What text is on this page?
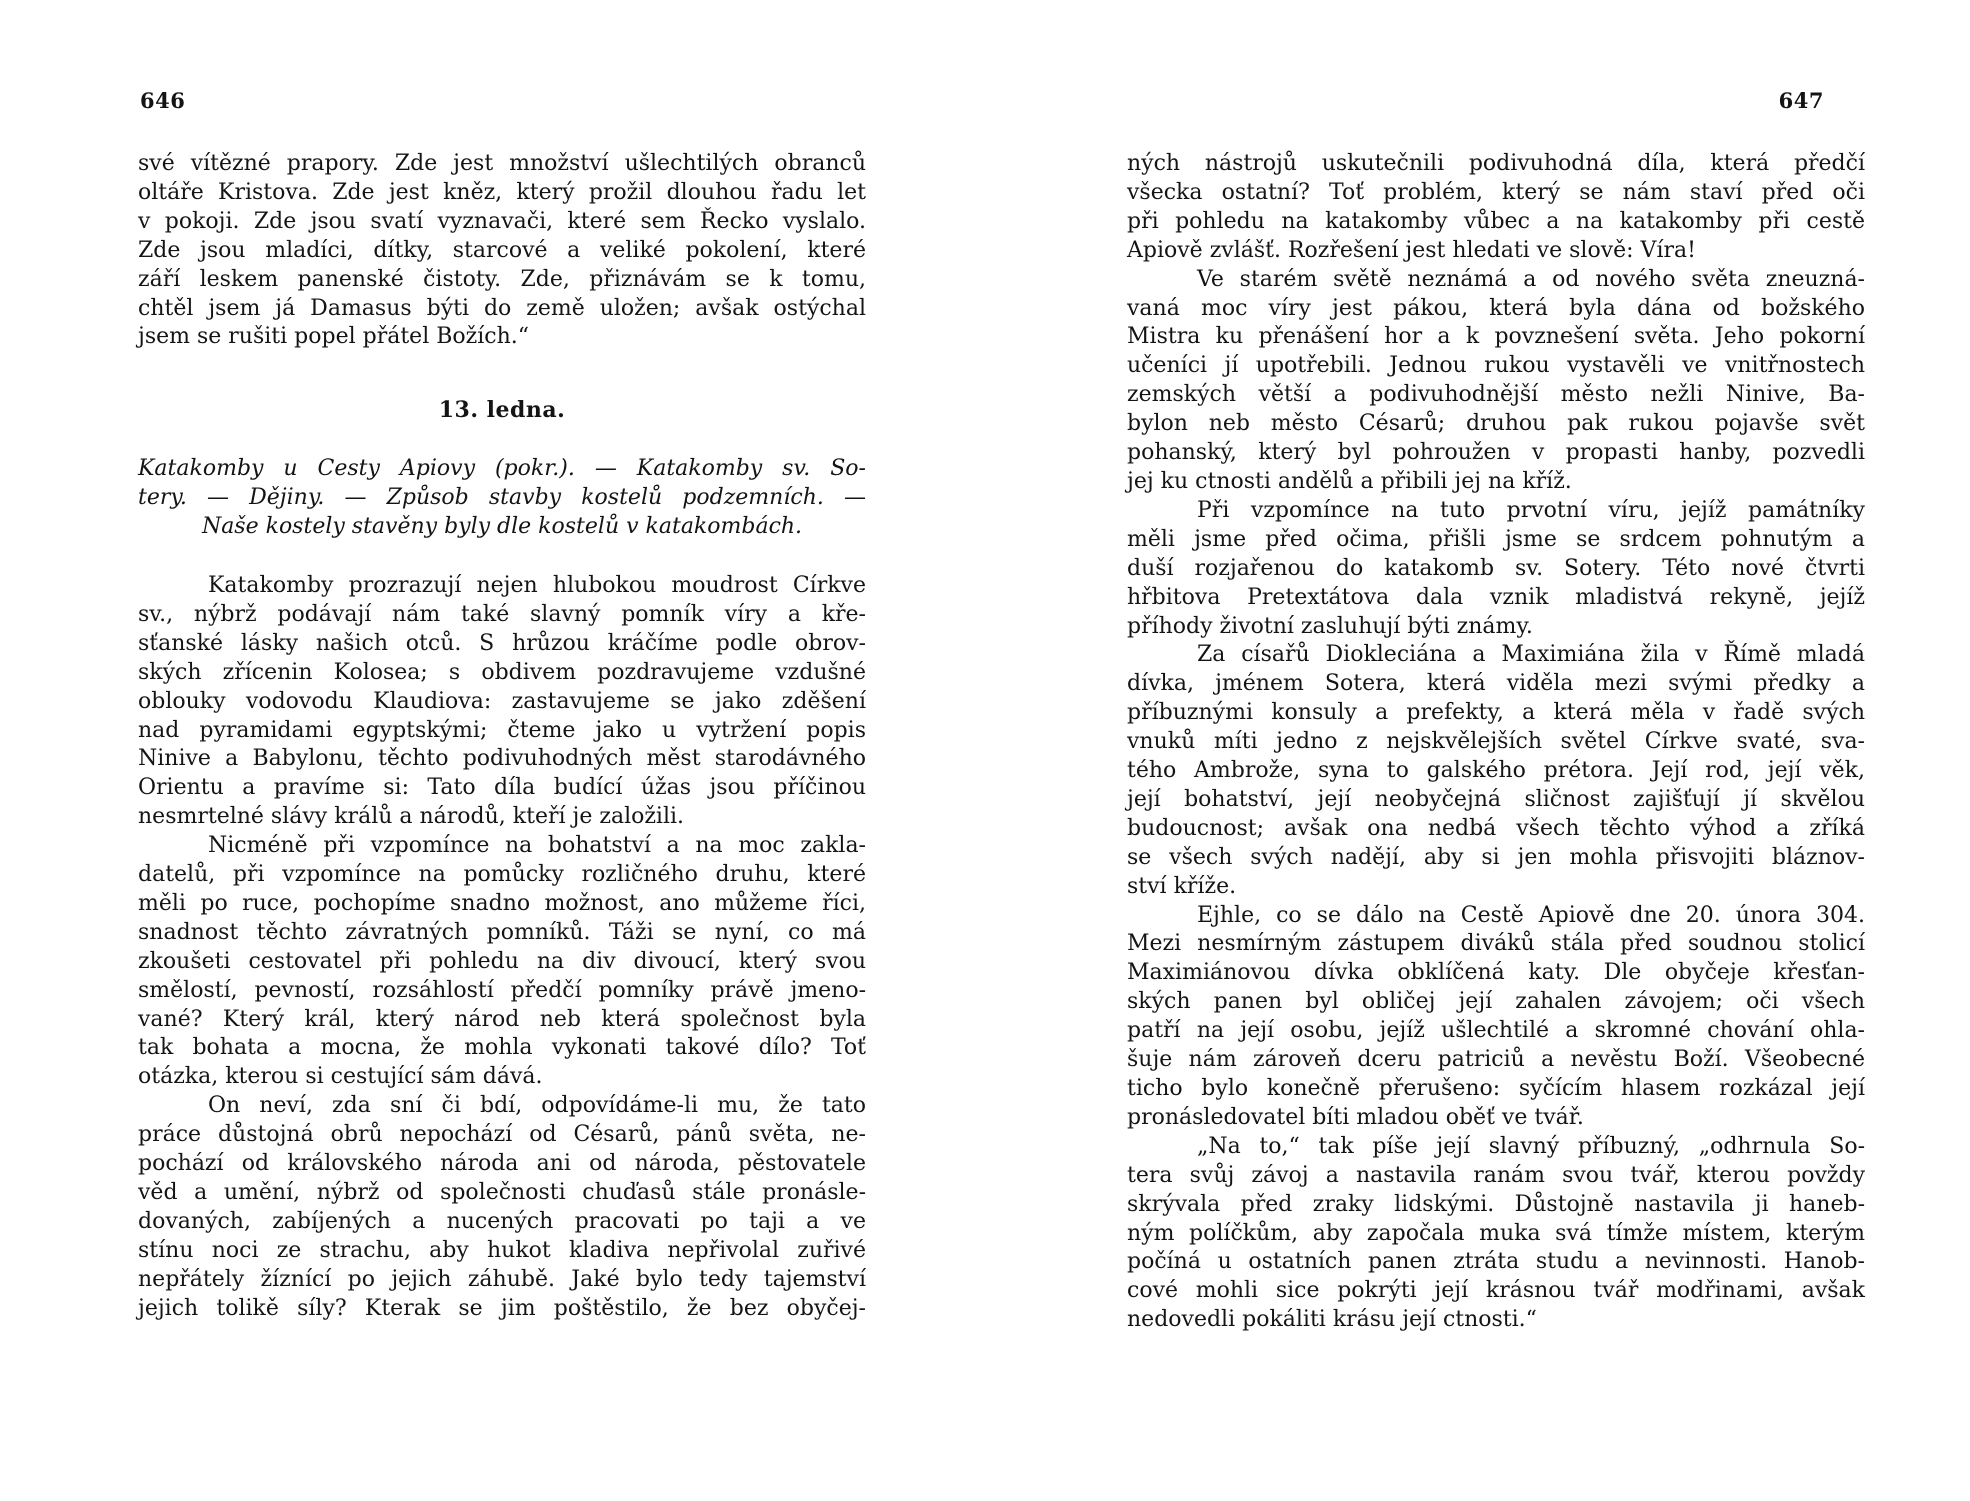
646
své vítězné prapory. Zde jest množství ušlechtilých obranců
oltáře Kristova. Zde jest kněz, který prožil dlouhou řadu let
v pokoji. Zde jsou svatí vyznavači, které sem Řecko vyslalo.
Zde jsou mladíci, dítky, starcové a veliké pokolení, které
září leskem panenské čistoty. Zde, přiznávám se k tomu,
chtěl jsem já Damasus býti do země uložen; avšak ostýchal
jsem se rušiti popel přátel Božích.“
13. ledna.
Katakomby u Cesty Apiovy (pokr.). — Katakomby sv. So-
tery. — Dějiny. — Způsob stavby kostelů podzemních. —
Naše kostely stavěny byly dle kostelů v katakombách.
Katakomby prozrazují nejen hlubokou moudrost Církve
sv., nýbrž podávají nám také slavný pomník víry a kře-
sťanské lásky našich otců. S hrůzou kráčíme podle obrov-
ských zřícenin Kolosea; s obdivem pozdravujeme vzdušné
oblouky vodovodu Klaudiova: zastavujeme se jako zděšení
nad pyramidami egyptskými; čteme jako u vytržení popis
Ninive a Babylonu, těchto podivuhodných měst starodávného
Orientu a pravíme si: Tato díla budící úžas jsou příčinou
nesmrtelné slávy králů a národů, kteří je založili.
Nicméně při vzpomínce na bohatství a na moc zakla-
datelů, při vzpomínce na pomůcky rozličného druhu, které
měli po ruce, pochopíme snadno možnost, ano můžeme říci,
snadnost těchto závratných pomníků. Táži se nyní, co má
zkoušeti cestovatel při pohledu na div divoucí, který svou
smělostí, pevností, rozsáhlostí předčí pomníky právě jmeno-
vané? Který král, který národ neb která společnost byla
tak bohata a mocna, že mohla vykonati takové dílo? Toť
otázka, kterou si cestující sám dává.
On neví, zda sní či bdí, odpovídáme-li mu, že tato
práce důstojná obrů nepochází od Césarů, pánů světa, ne-
pochází od královského národa ani od národa, pěstovatele
věd a umění, nýbrž od společnosti chuďasů stále pronásle-
dovaných, zabíjených a nucených pracovati po taji a ve
stínu noci ze strachu, aby hukot kladiva nepřivolal zuřivé
nepřátely žíznící po jejich záhubě. Jaké bylo tedy tajemství
jejich tolikě síly? Kterak se jim poštěstilo, že bez obyčej-
647
ných nástrojů uskutečnili podivuhodná díla, která předčí
všecka ostatní? Toť problém, který se nám staví před oči
při pohledu na katakomby vůbec a na katakomby při cestě
Apiově zvlášť. Rozřešení jest hledati ve slově: Víra!
Ve starém světě neznámá a od nového světa zneuzná-
vaná moc víry jest pákou, která byla dána od božského
Mistra ku přenášení hor a k povznešení světa. Jeho pokorní
učeníci jí upotřebili. Jednou rukou vystavěli ve vnitřnostech
zemských větší a podivuhodnější město nežli Ninive, Ba-
bylon neb město Césarů; druhou pak rukou pojavše svět
pohanský, který byl pohroužen v propasti hanby, pozvedli
jej ku ctnosti andělů a přibili jej na kříž.
Při vzpomínce na tuto prvotní víru, jejíž památníky
měli jsme před očima, přišli jsme se srdcem pohnutým a
duší rozjařenou do katakomb sv. Sotery. Této nové čtvrti
hřbitova Pretextátova dala vznik mladistvá rekyně, jejíž
příhody životní zasluhují býti známy.
Za císařů Diokleciána a Maximiána žila v Římě mladá
dívka, jménem Sotera, která viděla mezi svými předky a
příbuznými konsuly a prefekty, a která měla v řadě svých
vnuků míti jedno z nejskvělejších světel Církve svaté, sva-
tého Ambrože, syna to galského prétora. Její rod, její věk,
její bohatství, její neobyčejná sličnost zajišťují jí skvělou
budoucnost; avšak ona nedbá všech těchto výhod a zříká
se všech svých nadějí, aby si jen mohla přisvojiti bláznov-
ství kříže.
Ejhle, co se dálo na Cestě Apiově dne 20. února 304.
Mezi nesmírným zástupem diváků stála před soudnou stolicí
Maximiánovou dívka obklíčená katy. Dle obyčeje křesťan-
ských panen byl obličej její zahalen závojem; oči všech
patří na její osobu, jejíž ušlechtilé a skromné chování ohla-
šuje nám zároveň dceru patriciů a nevěstu Boží. Všeobecné
ticho bylo konečně přerušeno: syčícím hlasem rozkázal její
pronásledovatel bíti mladou oběť ve tvář.
„Na to,“ tak píše její slavný příbuzný, „odhrnula So-
tera svůj závoj a nastavila ranám svou tvář, kterou povždy
skrývala před zraky lidskými. Důstojně nastavila ji haneb-
ným políčkům, aby započala muka svá tímže místem, kterým
počíná u ostatních panen ztráta studu a nevinnosti. Hanob-
cové mohli sice pokrýti její krásnou tvář modřinami, avšak
nedovedli pokáliti krásu její ctnosti.“
